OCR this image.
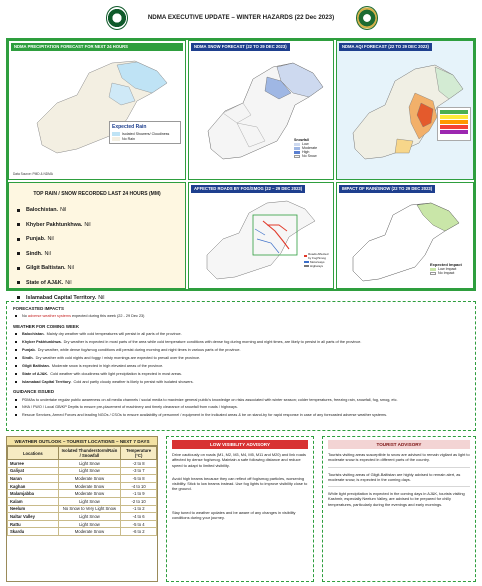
NDMA EXECUTIVE UPDATE – WINTER HAZARDS (22 Dec 2023)
NDMA PRECIPITATION FORECAST FOR NEXT 24 HOURS
Expected Rain
Isolated Showers/ Cloudiness
No Rain
Data Source: PMD & NDMA
NDMA SNOW FORECAST (22 TO 29 DEC 2023)
Snowfall
Low
Moderate
High
No Snow
NDMA AQI FORECAST (22 TO 29 DEC 2023)
TOP RAIN / SNOW RECORDED LAST 24 HOURS (MM)
Balochistan. Nil
Khyber Pakhtunkhwa. Nil
Punjab. Nil
Sindh. Nil
Gilgit Baltistan. Nil
State of AJ&K. Nil
Islamabad Capital Territory. Nil
AFFECTED ROADS BY FOG/SMOG (22 – 29 DEC 2023)
Roads Affected by Fog/Smog
Motorways
Highways
IMPACT OF RAIN/SNOW (22 TO 29 DEC 2023)
Expected Impact
Low Impact
No Impact
FORECASTED IMPACTS
No adverse weather systems expected during this week (22 - 29 Dec 23)
WEATHER FOR COMING WEEK
Balochistan. Mainly dry weather with cold temperatures will persist in all parts of the province.
Khyber Pakhtunkhwa. Dry weather is expected in most parts of the area while cold temperature conditions with dense fog during morning and night times, are likely to persist in all parts of the province.
Punjab. Dry weather, while dense fog/smog conditions will persist during morning and night times in various parts of the province.
Sindh. Dry weather with cold nights and foggy / misty mornings are expected to prevail over the province.
Gilgit Baltistan. Moderate snow is expected in high elevated areas of the province.
State of AJ&K. Cold weather with cloudiness with light precipitation is expected in most areas.
Islamabad Capital Territory. Cold and partly cloudy weather is likely to persist with isolated showers.
GUIDANCE ISSUED
PDMAs to undertake regular public awareness on all media channels / social media to maximize general public's knowledge on risks associated with winter season; colder temperatures, freezing rain, snowfall, fog, smog, etc.
NHA / FWO / Local GB/KP Deptts to ensure pre-placement of machinery and timely clearance of snowfall from roads / highways.
Rescue Services, Armed Forces and leading NGOs / CSOs to ensure availability of personnel / equipment in the indicated areas & be on stand-by for rapid response in case of any forecasted adverse weather systems.
WEATHER OUTLOOK – TOURIST LOCATIONS – NEXT 7 DAYS
Locations	Isolated Thunderstorm/Rain / Snowfall	Temperature (°C)
Murree	Light Snow	-2 to 8
Galiyat	Light Snow	-3 to 7
Naran	Moderate Snow	-5 to 8
Kaghan	Moderate Snow	-4 to 10
Malamjabba	Moderate Snow	-1 to 9
Kalam	Light Snow	-2 to 10
Neelum	No Snow to Very Light Snow	-1 to 2
Naltar Valley	Light Snow	-4 to 6
Rattu	Light Snow	-5 to 4
Skardu	Moderate Snow	-6 to 2
LOW VISIBILITY ADVISORY

Drive cautiously on roads (M1, M2, M3, M4, M5, M11 and M20) and link roads affected by dense fog/smog. Maintain a safe following distance and reduce speed to adapt to limited visibility.

Avoid high beams because they can reflect off fog/smog particles, worsening visibility. Stick to low beams instead. Use fog lights to improve visibility close to the ground.

Stay tuned to weather updates and be aware of any changes in visibility conditions during your journey.

TOURIST ADVISORY

Tourists visiting areas susceptible to snow are advised to remain vigilant as light to moderate snow is expected in different parts of the country.

Tourists visiting areas of Gilgit-Baltistan are highly advised to remain alert, as moderate snow, is expected in the coming days.

While light precipitation is expected in the coming days in AJ&K, tourists visiting Kashmir, especially Neelum Valley, are advised to be prepared for chilly temperatures, particularly during the evenings and early mornings.
